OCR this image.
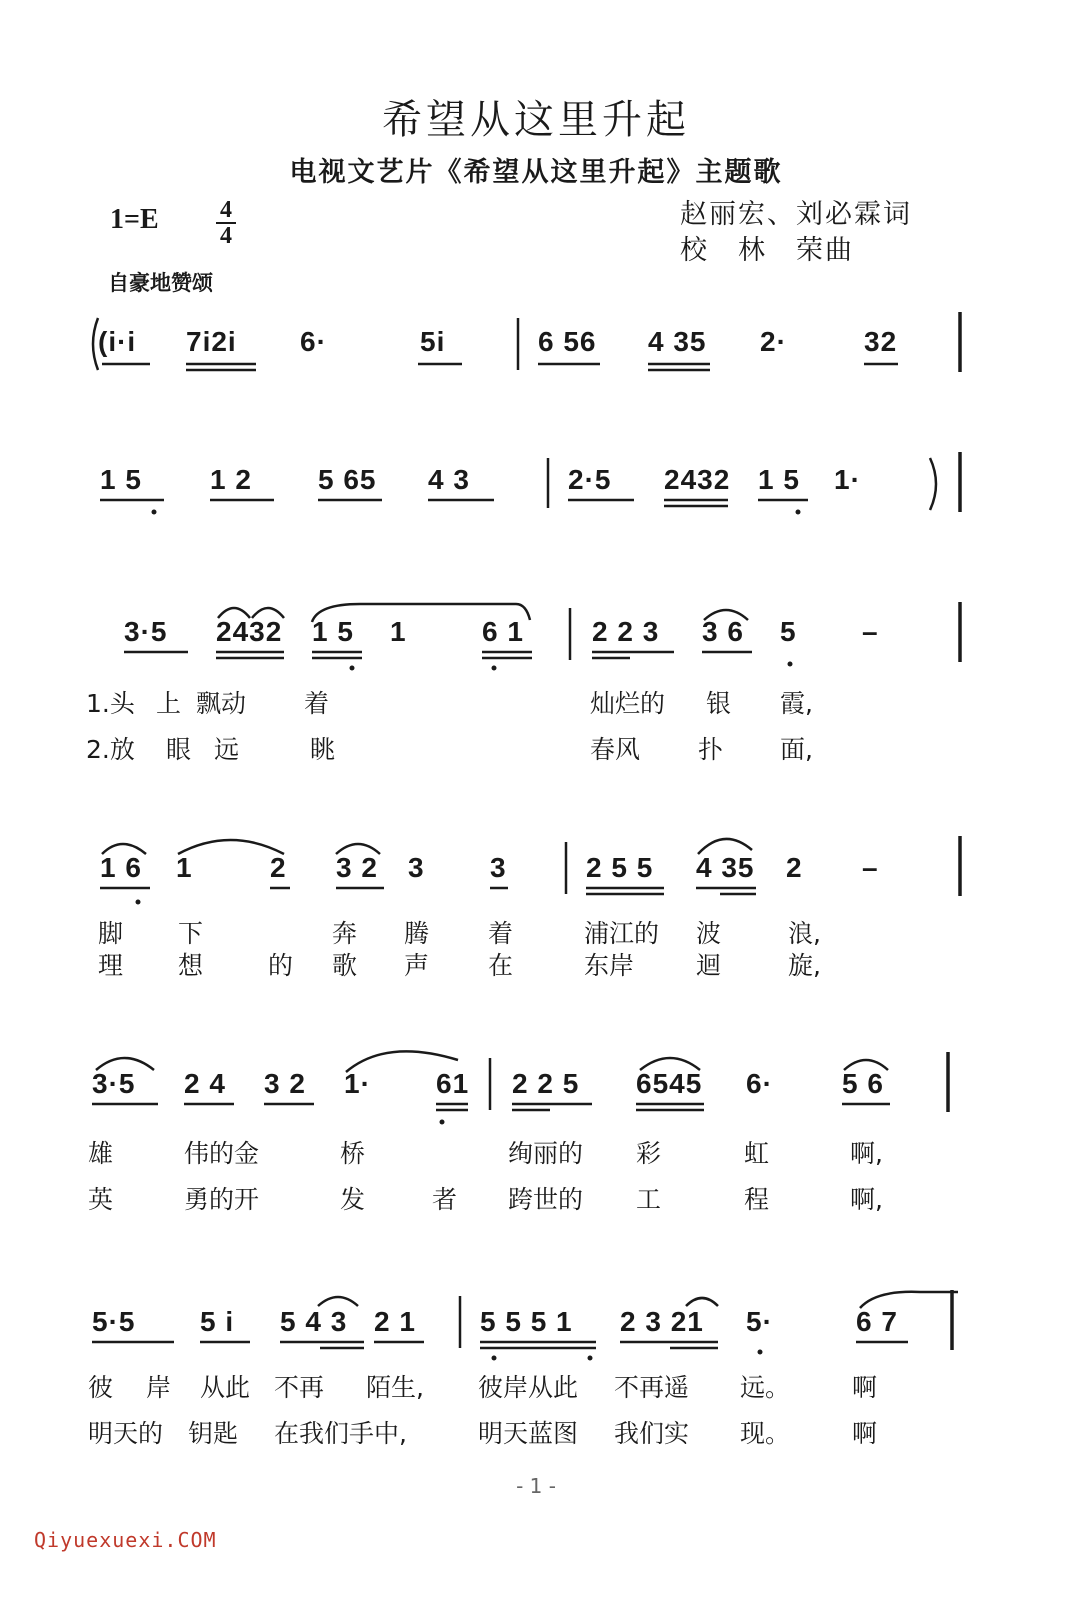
希望从这里升起
电视文艺片《希望从这里升起》主题歌
1=E	4
4
赵丽宏、刘必霖词
校　林　荣曲
自豪地赞颂
(i·i 7i2i 6·	5i	6 56 4 35 2·	32
1 5 1 2 5 65 4 3	2·5 2432 1 5 1·
3·5 2432 1 5 1	6 1 2 2 3 3 6 5 –
1.头 上 飘动 着	灿烂的 银 霞,
2.放 眼 远	眺	春风 扑 面,
1 6 1	2 3 2 3 3	2 5 5 4 35 2 –
脚 下	奔 腾 着	浦江的 波	浪,
理 想	的 歌 声 在	东岸 迴	旋,
3·5 2 4 3 2 1· 61 2 2 5 6545 6· 5 6
雄	伟的金	桥	绚丽的 彩	虹	啊,
英	勇的开	发	者 跨世的 工	程	啊,
5·5 5 i 5 4 3 2 1 5 5 5 1 2 3 21 5·	6 7
彼 岸 从此 不再 陌生, 彼岸从此 不再遥 远。 啊
明天的 钥匙 在我们手中,	明天蓝图 我们实 现。 啊
- 1 -
Qiyuexuexi.COM
